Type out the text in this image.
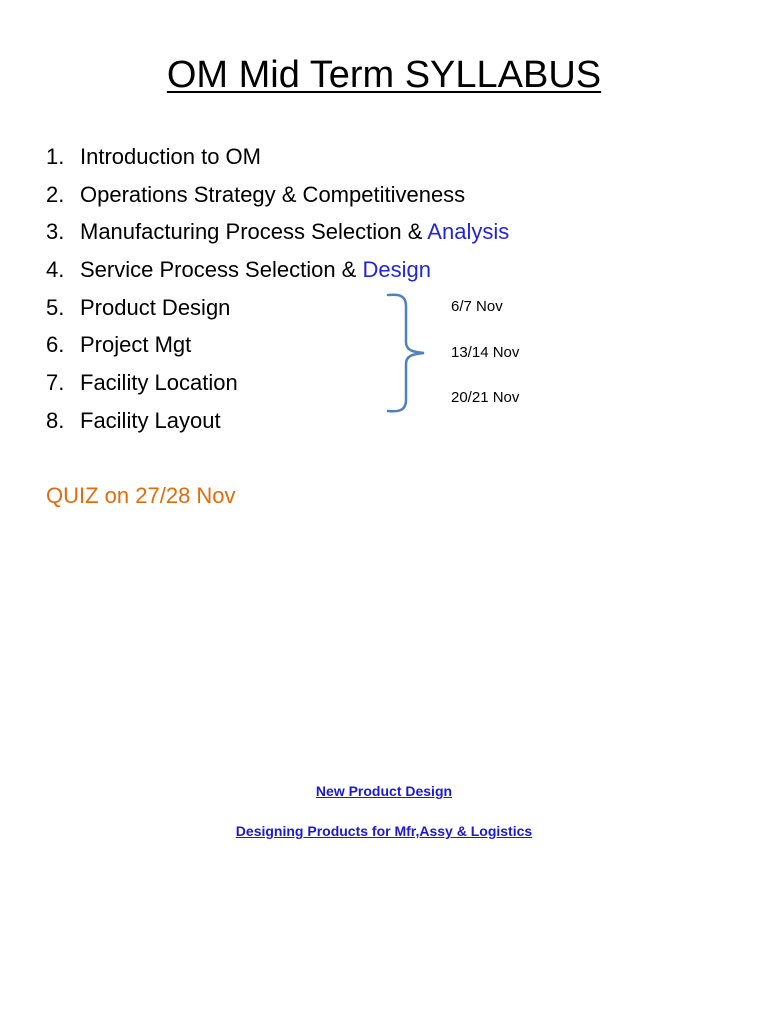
OM Mid Term SYLLABUS
1. Introduction to OM
2. Operations Strategy & Competitiveness
3. Manufacturing Process Selection & Analysis
4. Service Process Selection & Design
5. Product Design
6. Project Mgt
7. Facility Location
8. Facility Layout
6/7 Nov
13/14 Nov
20/21 Nov
QUIZ on 27/28 Nov
New Product Design
Designing Products for Mfr,Assy & Logistics
